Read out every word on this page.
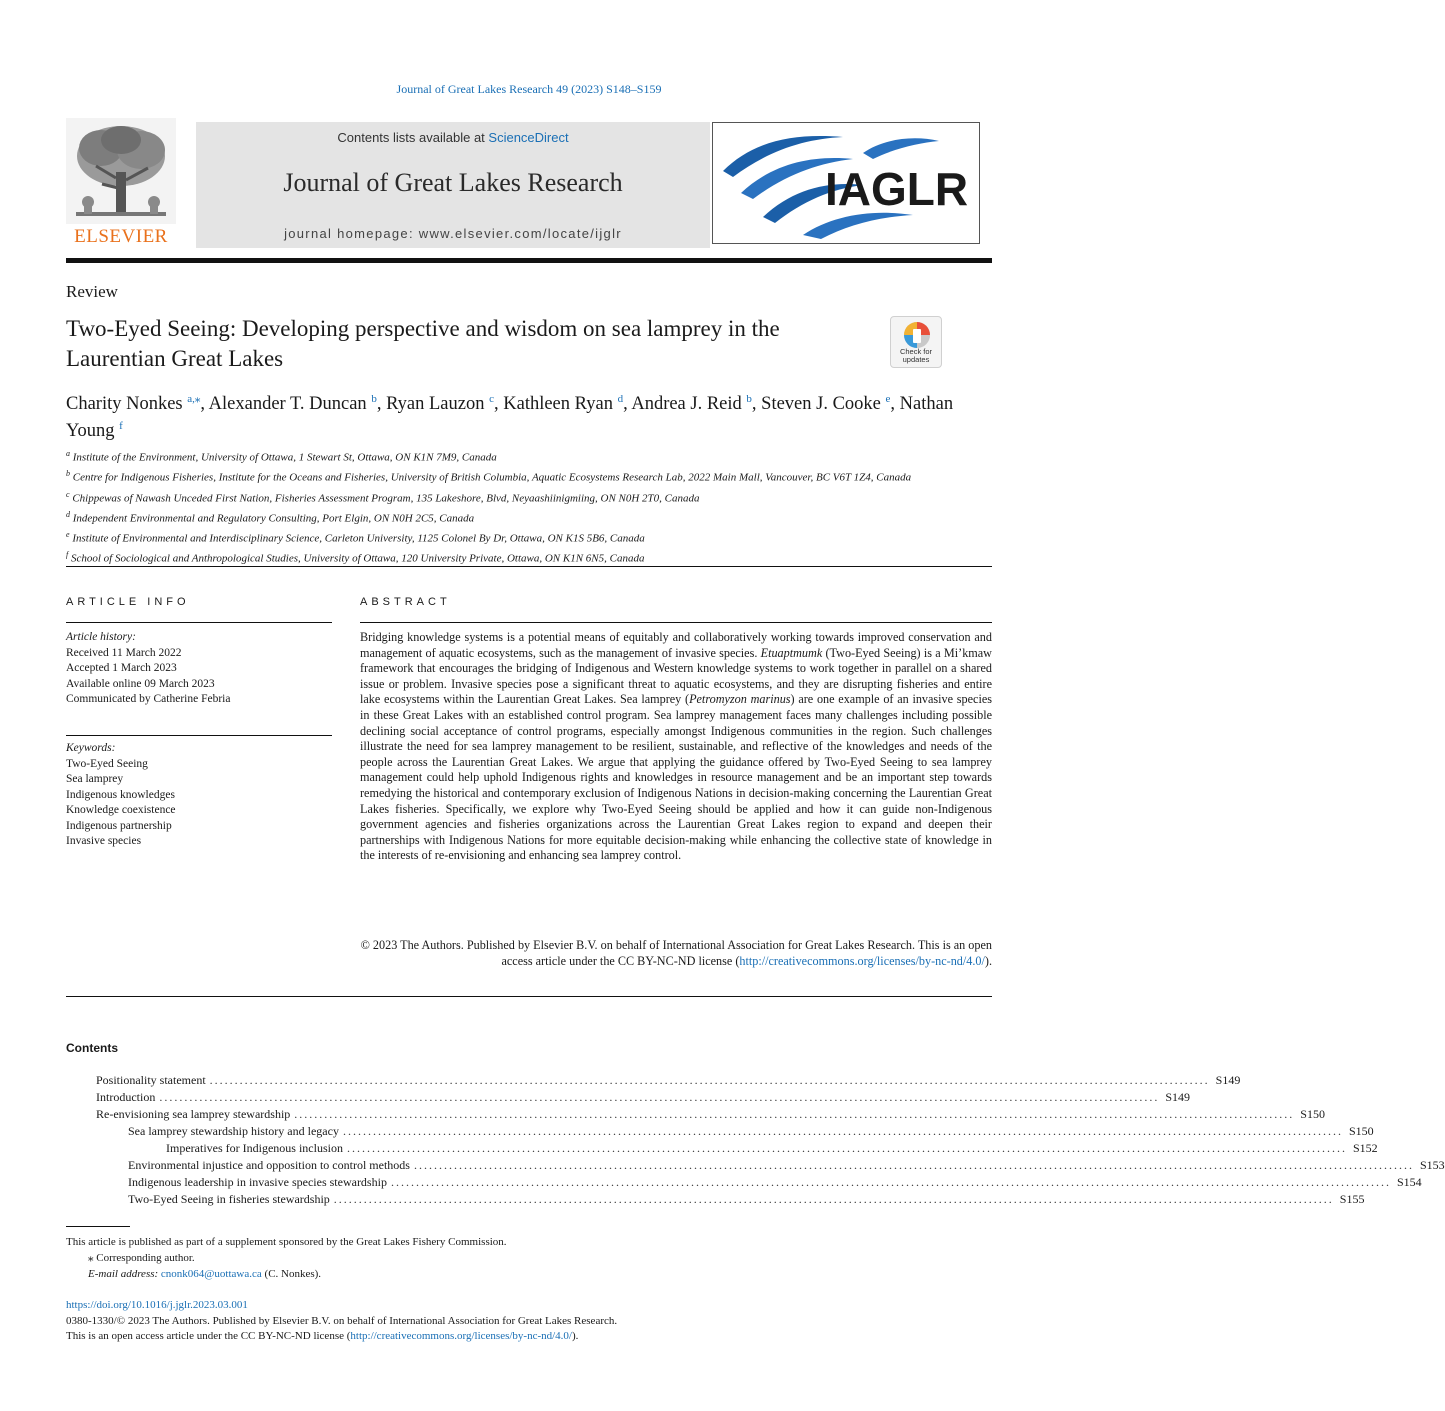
Journal of Great Lakes Research 49 (2023) S148–S159
ELSEVIER
Contents lists available at ScienceDirect
Journal of Great Lakes Research
journal homepage: www.elsevier.com/locate/ijglr
IAGLR
Review
Two-Eyed Seeing: Developing perspective and wisdom on sea lamprey in the Laurentian Great Lakes	Check for
updates
Charity Nonkes $^{a,⁎}$, Alexander T. Duncan $^b$, Ryan Lauzon $^c$, Kathleen Ryan $^d$, Andrea J. Reid $^b$, Steven J. Cooke $^e$, Nathan Young $^f$
$^a$ Institute of the Environment, University of Ottawa, 1 Stewart St, Ottawa, ON K1N 7M9, Canada
$^b$ Centre for Indigenous Fisheries, Institute for the Oceans and Fisheries, University of British Columbia, Aquatic Ecosystems Research Lab, 2022 Main Mall, Vancouver, BC V6T 1Z4, Canada
$^c$ Chippewas of Nawash Unceded First Nation, Fisheries Assessment Program, 135 Lakeshore, Blvd, Neyaashiinigmiing, ON N0H 2T0, Canada
$^d$ Independent Environmental and Regulatory Consulting, Port Elgin, ON N0H 2C5, Canada
$^e$ Institute of Environmental and Interdisciplinary Science, Carleton University, 1125 Colonel By Dr, Ottawa, ON K1S 5B6, Canada
$^f$ School of Sociological and Anthropological Studies, University of Ottawa, 120 University Private, Ottawa, ON K1N 6N5, Canada
ARTICLE INFO	ABSTRACT
Article history:
Received 11 March 2022
Accepted 1 March 2023
Available online 09 March 2023
Communicated by Catherine Febria
Keywords:
Two-Eyed Seeing
Sea lamprey
Indigenous knowledges
Knowledge coexistence
Indigenous partnership
Invasive species

Bridging knowledge systems is a potential means of equitably and collaboratively working towards improved conservation and management of aquatic ecosystems, such as the management of invasive species. Etuaptmumk (Two-Eyed Seeing) is a Mi’kmaw framework that encourages the bridging of Indigenous and Western knowledge systems to work together in parallel on a shared issue or problem. Invasive species pose a significant threat to aquatic ecosystems, and they are disrupting fisheries and entire lake ecosystems within the Laurentian Great Lakes. Sea lamprey (Petromyzon marinus) are one example of an invasive species in these Great Lakes with an established control program. Sea lamprey management faces many challenges including possible declining social acceptance of control programs, especially amongst Indigenous communities in the region. Such challenges illustrate the need for sea lamprey management to be resilient, sustainable, and reflective of the knowledges and needs of the people across the Laurentian Great Lakes. We argue that applying the guidance offered by Two-Eyed Seeing to sea lamprey management could help uphold Indigenous rights and knowledges in resource management and be an important step towards remedying the historical and contemporary exclusion of Indigenous Nations in decision-making concerning the Laurentian Great Lakes fisheries. Specifically, we explore why Two-Eyed Seeing should be applied and how it can guide non-Indigenous government agencies and fisheries organizations across the Laurentian Great Lakes region to expand and deepen their partnerships with Indigenous Nations for more equitable decision-making while enhancing the collective state of knowledge in the interests of re-envisioning and enhancing sea lamprey control.

© 2023 The Authors. Published by Elsevier B.V. on behalf of International Association for Great Lakes Research. This is an open access article under the CC BY-NC-ND license (http://creativecommons.org/licenses/by-nc-nd/4.0/).

Contents
Positionality statement ........................................................................................................................................................................................................ S149
Introduction ........................................................................................................................................................................................................ S149
Re-envisioning sea lamprey stewardship ........................................................................................................................................................................................................ S150
Sea lamprey stewardship history and legacy ........................................................................................................................................................................................................ S150
Imperatives for Indigenous inclusion ........................................................................................................................................................................................................ S152
Environmental injustice and opposition to control methods ........................................................................................................................................................................................................ S153
Indigenous leadership in invasive species stewardship ........................................................................................................................................................................................................ S154
Two-Eyed Seeing in fisheries stewardship ........................................................................................................................................................................................................ S155
This article is published as part of a supplement sponsored by the Great Lakes Fishery Commission.
⁎ Corresponding author.
E-mail address: cnonk064@uottawa.ca (C. Nonkes).
https://doi.org/10.1016/j.jglr.2023.03.001
0380-1330/© 2023 The Authors. Published by Elsevier B.V. on behalf of International Association for Great Lakes Research.
This is an open access article under the CC BY-NC-ND license (http://creativecommons.org/licenses/by-nc-nd/4.0/).
